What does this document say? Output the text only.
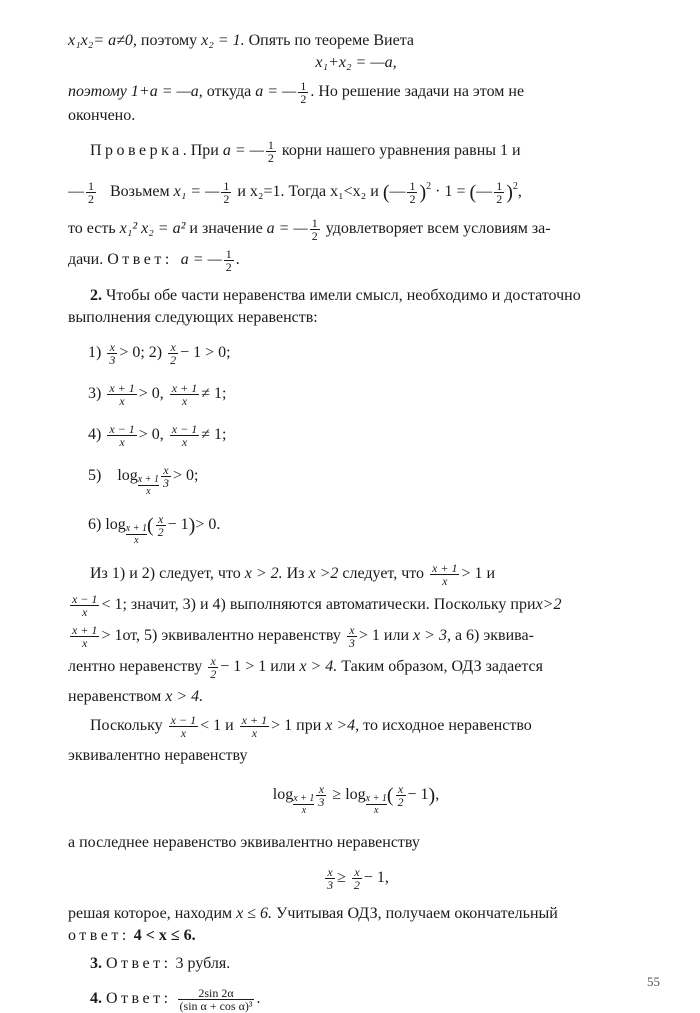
x₁x₂= a≠0, поэтому x₂ = 1. Опять по теореме Виета
x₁+x₂ = —a,
поэтому 1+a = —a, откуда a = — $\frac{1}{2}$ . Но решение задачи на этом не
окончено.
Проверка. При a = — $\frac{1}{2}$ корни нашего уравнения равны 1 и
— $\frac{1}{2}$ Возьмем x₁ = — $\frac{1}{2}$ и x₂=1. Тогда x₁<x₂ и (— $\frac{1}{2} )^2 \cdot 1$ = (— $\frac{1}{2} )^2$,
то есть x₁² x₂ = a² и значение a = — $\frac{1}{2}$ удовлетворяет всем условиям за-
дачи. Ответ: a = — $\frac{1}{2}$ .
2. Чтобы обе части неравенства имели смысл, необходимо и достаточно
выполнения следующих неравенств:
$1) \frac{x}{3} > 0$; $2) \frac{x}{2} - 1 > 0$;
$3) \frac{x + 1}{x} > 0$, $\frac{x + 1}{x} \ne 1$;
$4) \frac{x - 1}{x} > 0$, $\frac{x - 1}{x} \ne 1$;
5) $\log \frac{x + 1}{x} \frac{x}{3} > 0$;
6) $\log \frac{x + 1}{x}$ ( $\frac{x}{2} - 1)> 0$.
Из 1) и 2) следует, что x > 2. Из x >2 следует, что $\frac{x + 1}{x} > 1$ и
$\frac{x - 1}{x} < 1$; значит, 3) и 4) выполняются автоматически. Поскольку приx>2
$\frac{x + 1}{x} > 1от$, 5) эквивалентно неравенству $\frac{x}{3} > 1$ или x > 3, а 6) эквива-
лентно неравенству $\frac{x}{2} - 1 > 1$ или x > 4. Таким образом, ОДЗ задается
неравенством x > 4.
Поскольку $\frac{x - 1}{x} < 1$ и $\frac{x + 1}{x} > 1$ при x >4, то исходное неравенство
эквивалентно неравенству
$\log \frac{x + 1}{x} \frac{x}{3} \ge \log \frac{x + 1}{x}$ ( $\frac{x}{2} - 1$),
а последнее неравенство эквивалентно неравенству
$\frac{x}{3} \ge \frac{x}{2} - 1$,
решая которое, находим x ≤ 6. Учитывая ОДЗ, получаем окончательный
ответ: 4 < x ≤ 6.
3. Ответ: 3 рубля.
4. Ответ: $\frac{2\sin 2\alpha}{\text{(sin α + cos α)³}}$ .
55
